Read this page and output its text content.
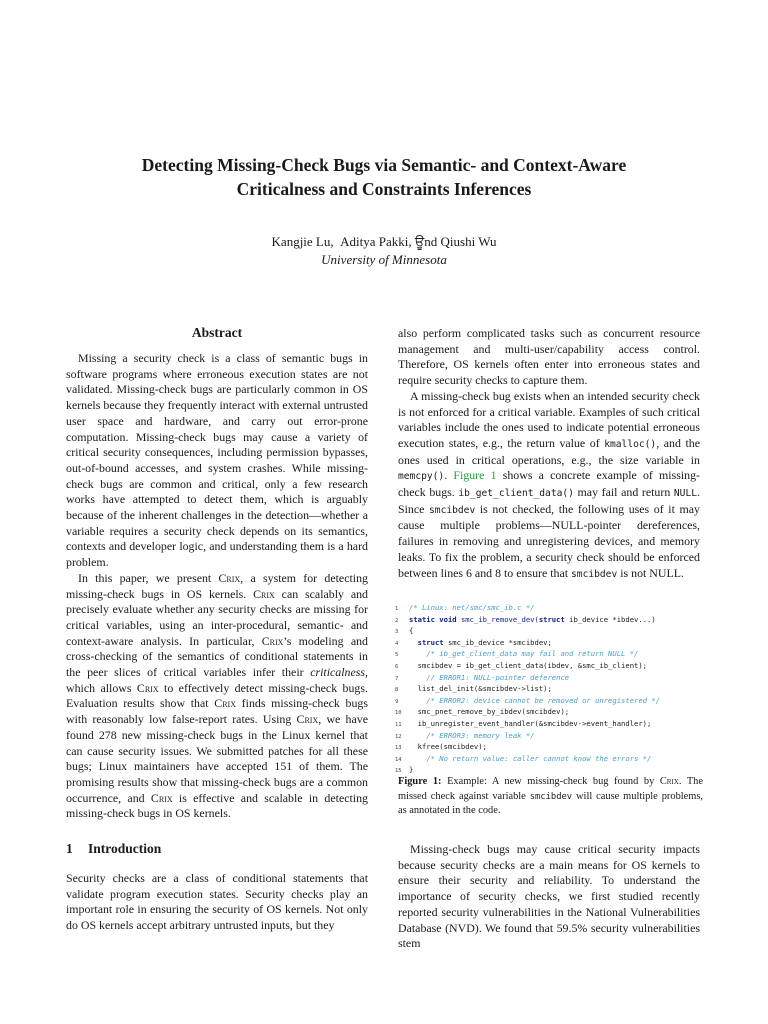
Detecting Missing-Check Bugs via Semantic- and Context-Aware
Criticalness and Constraints Inferences
Kangjie Lu ,  Aditya Pakki , ਊnd Qiushi Wu
University of Minnesota
Abstract

Missing a security check is a class of semantic bugs in software programs where erroneous execution states are not validated. Missing-check bugs are particularly common in OS kernels because they frequently interact with external untrusted user space and hardware, and carry out error-prone computation. Missing-check bugs may cause a variety of critical security consequences, including permission bypasses, out-of-bound accesses, and system crashes. While missing-check bugs are common and critical, only a few research works have attempted to detect them, which is arguably because of the inherent challenges in the detection—whether a variable requires a security check depends on its semantics, contexts and developer logic, and understanding them is a hard problem.

In this paper, we present Crix, a system for detecting missing-check bugs in OS kernels. Crix can scalably and precisely evaluate whether any security checks are missing for critical variables, using an inter-procedural, semantic- and context-aware analysis. In particular, Crix’s modeling and cross-checking of the semantics of conditional statements in the peer slices of critical variables infer their criticalness, which allows Crix to effectively detect missing-check bugs. Evaluation results show that Crix finds missing-check bugs with reasonably low false-report rates. Using Crix, we have found 278 new missing-check bugs in the Linux kernel that can cause security issues. We submitted patches for all these bugs; Linux maintainers have accepted 151 of them. The promising results show that missing-check bugs are a common occurrence, and Crix is effective and scalable in detecting missing-check bugs in OS kernels.

1 Introduction

Security checks are a class of conditional statements that validate program execution states. Security checks play an important role in ensuring the security of OS kernels. Not only do OS kernels accept arbitrary untrusted inputs, but they

also perform complicated tasks such as concurrent resource management and multi-user/capability access control. Therefore, OS kernels often enter into erroneous states and require security checks to capture them.

A missing-check bug exists when an intended security check is not enforced for a critical variable. Examples of such critical variables include the ones used to indicate potential erroneous execution states, e.g., the return value of kmalloc(), and the ones used in critical operations, e.g., the size variable in memcpy(). Figure 1 shows a concrete example of missing-check bugs. ib_get_client_data() may fail and return NULL. Since smcibdev is not checked, the following uses of it may cause multiple problems—NULL-pointer dereferences, failures in removing and unregistering devices, and memory leaks. To fix the problem, a security check should be enforced between lines 6 and 8 to ensure that smcibdev is not NULL.

1 /* Linux: net/smc/smc_ib.c */
2 static void smc_ib_remove_dev(struct ib_device *ibdev...)
3 {
4	struct smc_ib_device *smcibdev;
5	/* ib_get_client_data may fail and return NULL */
6  smcibdev = ib_get_client_data(ibdev, &smc_ib_client);
7	// ERROR1: NULL-pointer deference
8  list_del_init(&smcibdev->list);
9	/* ERROR2: device cannot be removed or unregistered */
10  smc_pnet_remove_by_ibdev(smcibdev);
11  ib_unregister_event_handler(&smcibdev->event_handler);
12	/* ERROR3: memory leak */
13  kfree(smcibdev);
14	/* No return value: caller cannot know the errors */
15 }
Figure 1: Example: A new missing-check bug found by Crix. The missed check against variable smcibdev will cause multiple problems, as annotated in the code.

Missing-check bugs may cause critical security impacts because security checks are a main means for OS kernels to ensure their security and reliability. To understand the importance of security checks, we first studied recently reported security vulnerabilities in the National Vulnerabilities Database (NVD). We found that 59.5% security vulnerabilities stem
